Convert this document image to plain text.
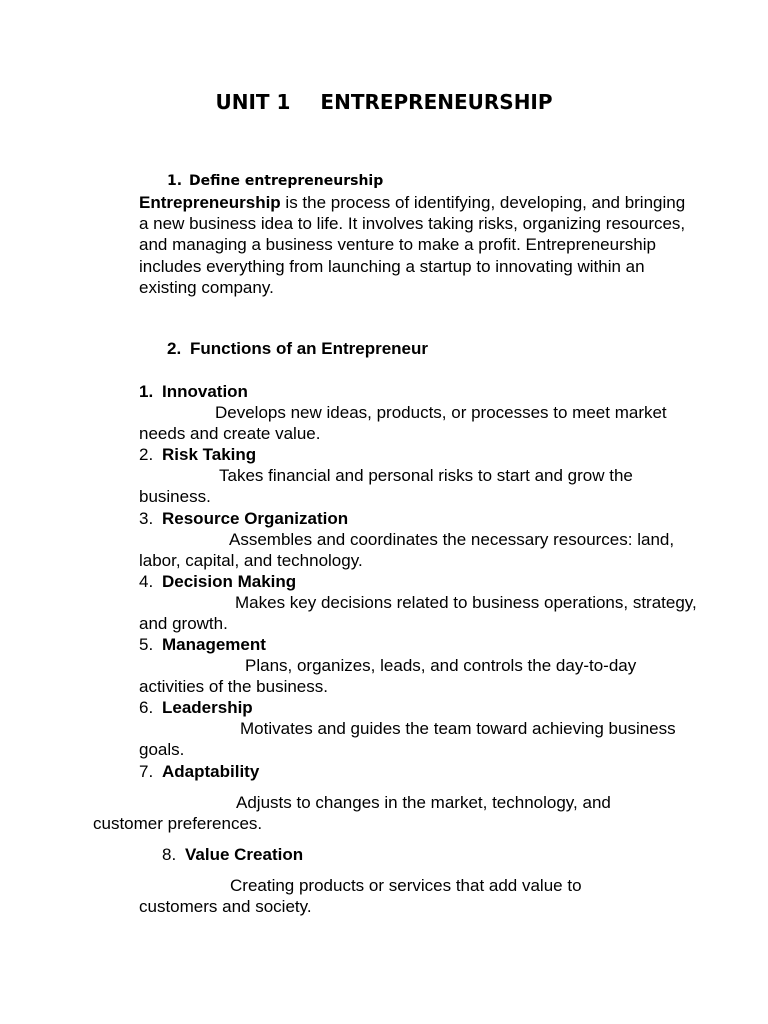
UNIT 1 ENTREPRENEURSHIP
1. Define entrepreneurship
Entrepreneurship is the process of identifying, developing, and bringing a new business idea to life. It involves taking risks, organizing resources, and managing a business venture to make a profit. Entrepreneurship includes everything from launching a startup to innovating within an existing company.
2. Functions of an Entrepreneur
1. Innovation
Develops new ideas, products, or processes to meet market needs and create value.
2. Risk Taking
Takes financial and personal risks to start and grow the business.
3. Resource Organization
Assembles and coordinates the necessary resources: land, labor, capital, and technology.
4. Decision Making
Makes key decisions related to business operations, strategy, and growth.
5. Management
Plans, organizes, leads, and controls the day-to-day activities of the business.
6. Leadership
Motivates and guides the team toward achieving business goals.
7. Adaptability
Adjusts to changes in the market, technology, and customer preferences.
8. Value Creation
Creating products or services that add value to customers and society.
